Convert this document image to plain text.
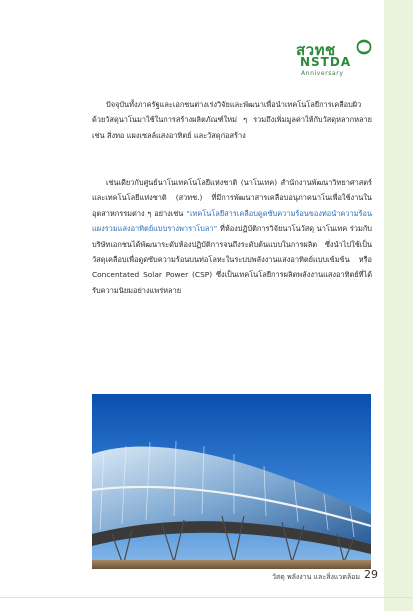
สวทช
NSTDA
Anniversary

ปัจจุบันทั้งภาครัฐและเอกชนต่างเร่งวิจัยและพัฒนาเพื่อนำเทคโนโลยีการเคลือบผิวด้วยวัสดุนาโนมาใช้ในการสร้างผลิตภัณฑ์ใหม่ ๆ รวมถึงเพิ่มมูลค่าให้กับวัสดุหลากหลาย เช่น สิ่งทอ แผงเซลล์แสงอาทิตย์ และวัสดุก่อสร้าง

เช่นเดียวกับศูนย์นาโนเทคโนโลยีแห่งชาติ (นาโนเทค) สำนักงานพัฒนาวิทยาศาสตร์และเทคโนโลยีแห่งชาติ (สวทช.) ที่มีการพัฒนาสารเคลือบอนุภาคนาโนเพื่อใช้งานในอุตสาหกรรมต่าง ๆ อย่างเช่น “เทคโนโลยีสารเคลือบดูดซับความร้อนของท่อนำความร้อนแผงรวมแสงอาทิตย์แบบรางพาราโบลา” ที่ห้องปฏิบัติการวิจัยนาโนวัสดุ นาโนเทค ร่วมกับบริษัทเอกชนได้พัฒนาระดับห้องปฏิบัติการจนถึงระดับต้นแบบในการผลิต ซึ่งนำไปใช้เป็นวัสดุเคลือบเพื่อดูดซับความร้อนบนท่อโลหะในระบบพลังงานแสงอาทิตย์แบบเข้มข้น หรือ Concentated Solar Power (CSP) ซึ่งเป็นเทคโนโลยีการผลิตพลังงานแสงอาทิตย์ที่ได้รับความนิยมอย่างแพร่หลาย

วัสดุ พลังงาน และสิ่งแวดล้อม 29
